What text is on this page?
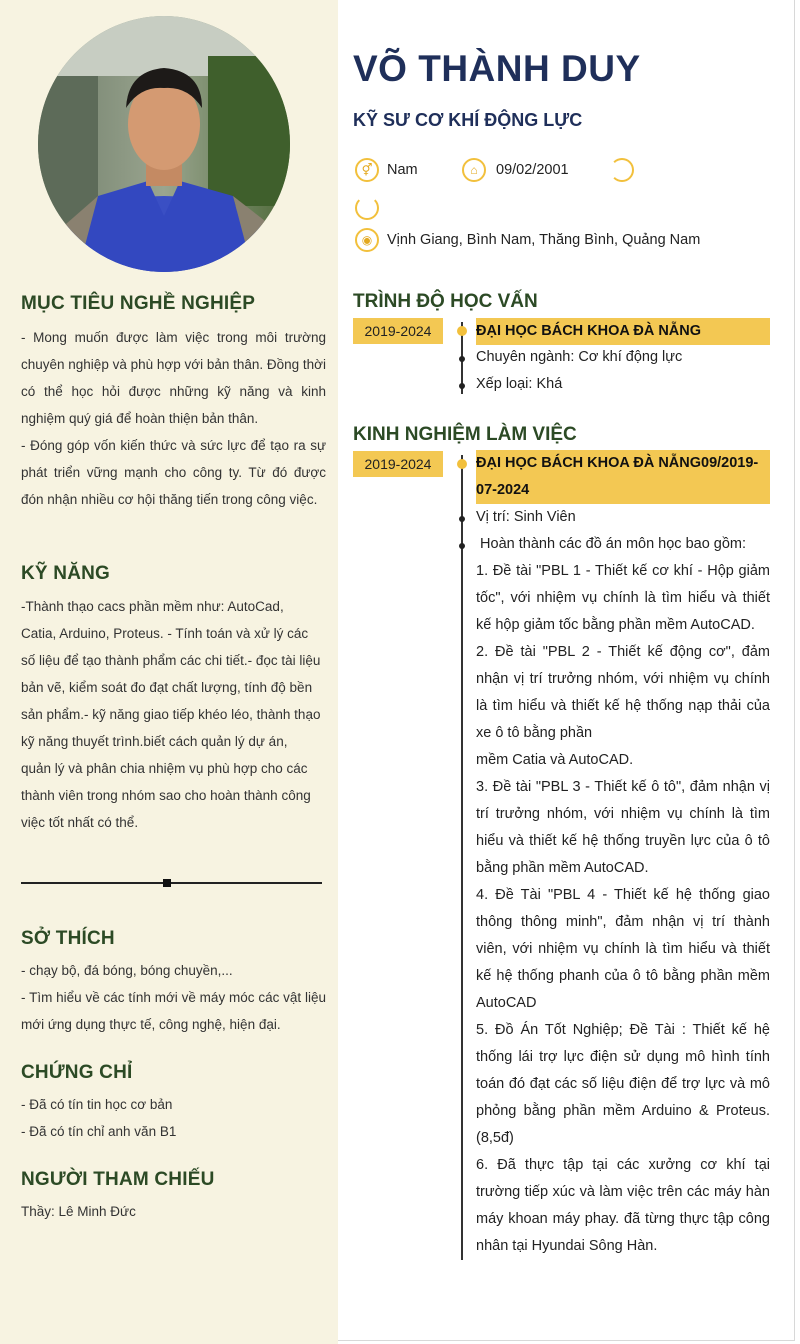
MỤC TIÊU NGHỀ NGHIỆP

- Mong muốn được làm việc trong môi trường chuyên nghiệp và phù hợp với bản thân. Đồng thời có thể học hỏi được những kỹ năng và kinh nghiệm quý giá để hoàn thiện bản thân.

- Đóng góp vốn kiến thức và sức lực để tạo ra sự phát triển vững mạnh cho công ty. Từ đó được đón nhận nhiều cơ hội thăng tiến trong công việc.

KỸ NĂNG

-Thành thạo cacs phần mềm như: AutoCad, Catia, Arduino, Proteus. - Tính toán và xử lý các số liệu để tạo thành phẩm các chi tiết.- đọc tài liệu bản vẽ, kiểm soát đo đạt chất lượng, tính độ bền sản phẩm.- kỹ năng giao tiếp khéo léo, thành thạo kỹ năng thuyết trình.biết cách quản lý dự án, quản lý và phân chia nhiệm vụ phù hợp cho các thành viên trong nhóm sao cho hoàn thành công việc tốt nhất có thể.

SỞ THÍCH

- chạy bộ, đá bóng, bóng chuyền,...

- Tìm hiểu về các tính mới về máy móc các vật liệu mới ứng dụng thực tế, công nghệ, hiện đại.

CHỨNG CHỈ

- Đã có tín tin học cơ bản

- Đã có tín chỉ anh văn B1

NGƯỜI THAM CHIẾU

Thầy: Lê Minh Đức

VÕ THÀNH DUY
KỸ SƯ CƠ KHÍ ĐỘNG LỰC
⚥	Nam	⌂	09/02/2001
◉	Vịnh Giang, Bình Nam, Thăng Bình, Quảng Nam
TRÌNH ĐỘ HỌC VẤN
2019-2024	ĐẠI HỌC BÁCH KHOA ĐÀ NẴNG
Chuyên ngành: Cơ khí động lực
Xếp loại: Khá
KINH NGHIỆM LÀM VIỆC
2019-2024	ĐẠI HỌC BÁCH KHOA ĐÀ NẴNG09/2019-07-2024
Vị trí: Sinh Viên
Hoàn thành các đồ án môn học bao gồm:

1. Đề tài "PBL 1 - Thiết kế cơ khí - Hộp giảm tốc", với nhiệm vụ chính là tìm hiểu và thiết kế hộp giảm tốc bằng phần mềm AutoCAD.

2. Đề tài "PBL 2 - Thiết kế động cơ", đảm nhận vị trí trưởng nhóm, với nhiệm vụ chính là tìm hiểu và thiết kế hệ thống nạp thải của xe ô tô bằng phần

mềm Catia và AutoCAD.

3. Đề tài "PBL 3 - Thiết kế ô tô", đảm nhận vị trí trưởng nhóm, với nhiệm vụ chính là tìm hiểu và thiết kế hệ thống truyền lực của ô tô bằng phần mềm AutoCAD.

4. Đề Tài "PBL 4 - Thiết kế hệ thống giao thông thông minh", đảm nhận vị trí thành viên, với nhiệm vụ chính là tìm hiểu và thiết kế hệ thống phanh của ô tô bằng phần mềm AutoCAD

5. Đồ Án Tốt Nghiệp; Đề Tài : Thiết kế hệ thống lái trợ lực điện sử dụng mô hình tính toán đó đạt các số liệu điện để trợ lực và mô phỏng bằng phần mềm Arduino & Proteus. (8,5đ)

6. Đã thực tập tại các xưởng cơ khí tại trường tiếp xúc và làm việc trên các máy hàn máy khoan máy phay. đã từng thực tập công nhân tại Hyundai Sông Hàn.
